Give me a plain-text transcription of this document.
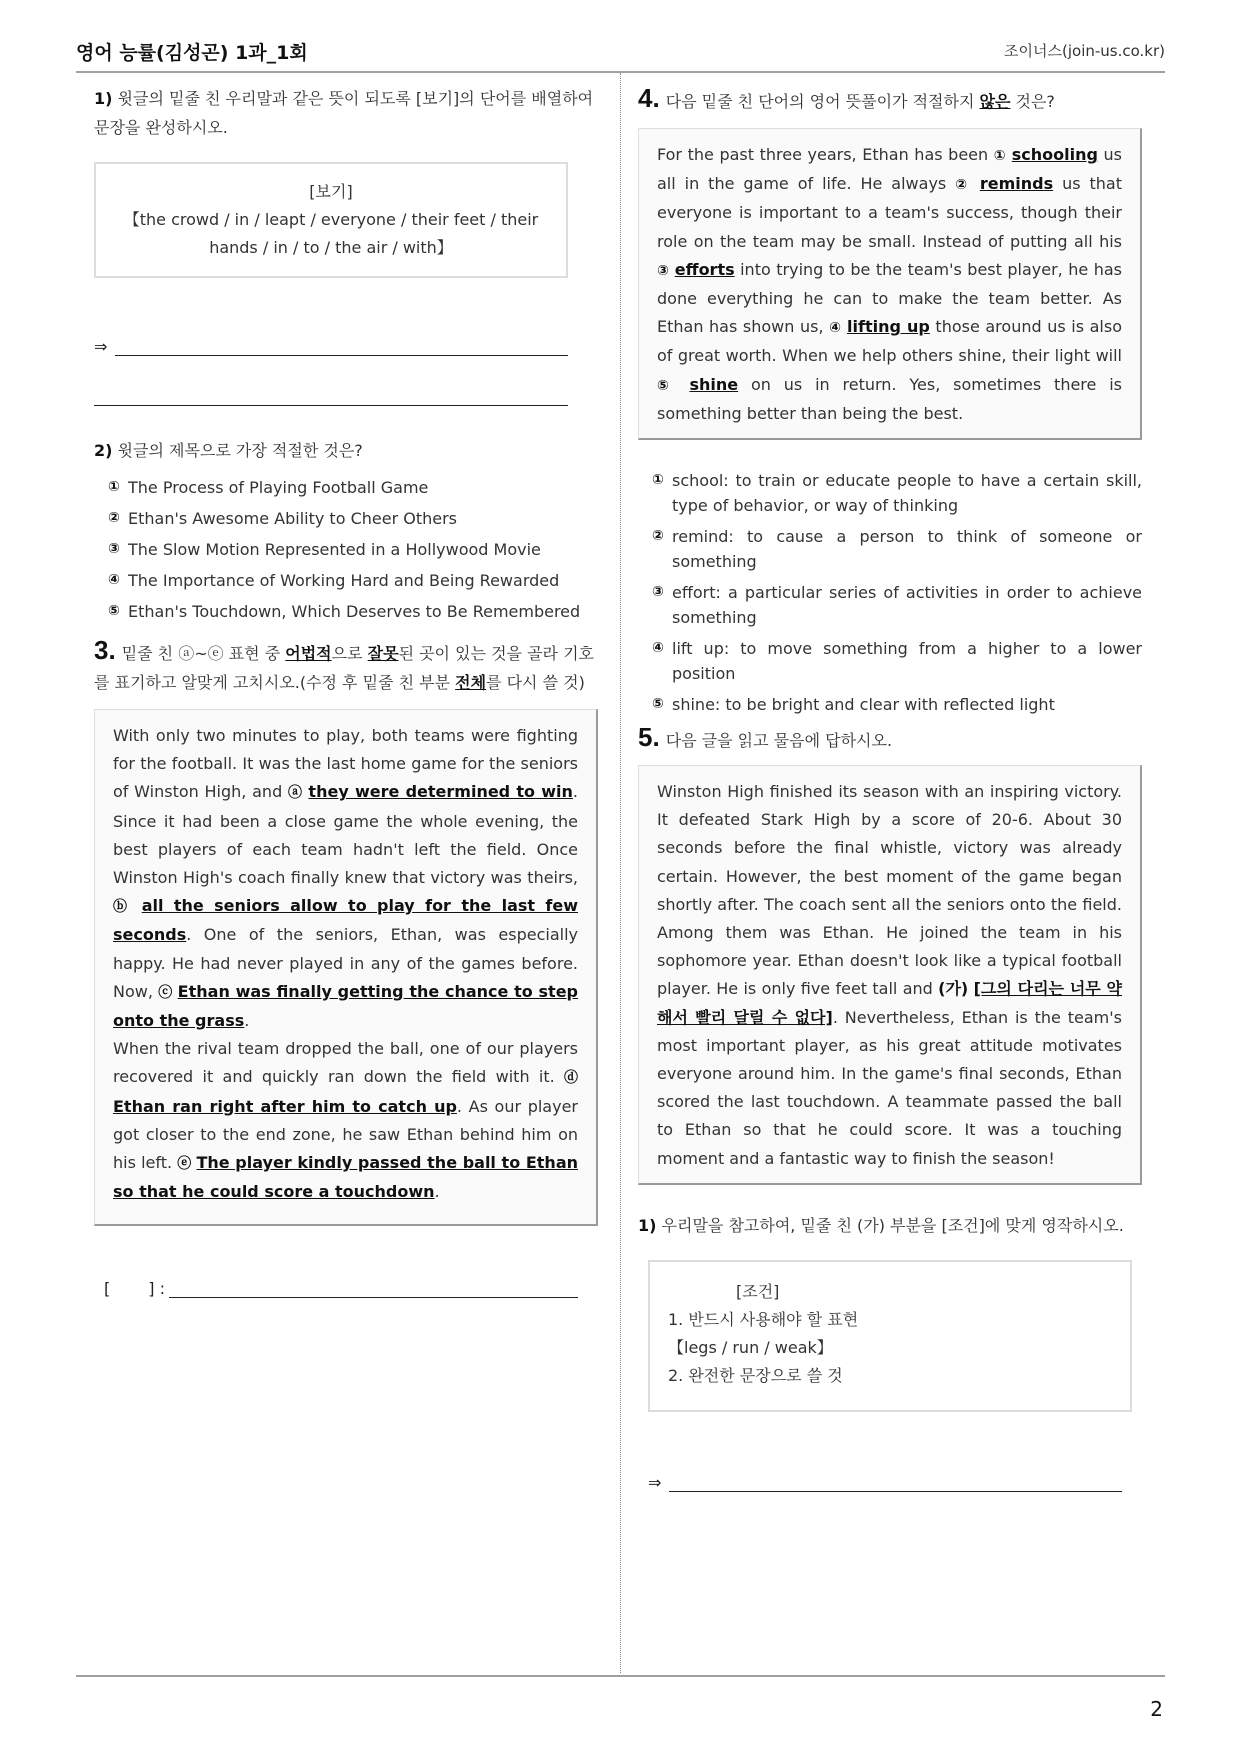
영어 능률(김성곤) 1과_1회	조이너스(join-us.co.kr)

1) 윗글의 밑줄 친 우리말과 같은 뜻이 되도록 [보기]의 단어를 배열하여 문장을 완성하시오.

[보기]
【the crowd / in / leapt / everyone / their feet / their hands / in / to / the air / with】
⇒

2) 윗글의 제목으로 가장 적절한 것은?

① The Process of Playing Football Game
② Ethan's Awesome Ability to Cheer Others
③ The Slow Motion Represented in a Hollywood Movie
④ The Importance of Working Hard and Being Rewarded
⑤ Ethan's Touchdown, Which Deserves to Be Remembered

3. 밑줄 친 ⓐ~ⓔ 표현 중 어법적으로 잘못된 곳이 있는 것을 골라 기호를 표기하고 알맞게 고치시오.(수정 후 밑줄 친 부분 전체를 다시 쓸 것)

With only two minutes to play, both teams were fighting for the football. It was the last home game for the seniors of Winston High, and ⓐ they were determined to win. Since it had been a close game the whole evening, the best players of each team hadn't left the field. Once Winston High's coach finally knew that victory was theirs, ⓑ all the seniors allow to play for the last few seconds. One of the seniors, Ethan, was especially happy. He had never played in any of the games before. Now, ⓒ Ethan was finally getting the chance to step onto the grass.
When the rival team dropped the ball, one of our players recovered it and quickly ran down the field with it. ⓓ Ethan ran right after him to catch up. As our player got closer to the end zone, he saw Ethan behind him on his left. ⓔ The player kindly passed the ball to Ethan so that he could score a touchdown.
[ ] :

4. 다음 밑줄 친 단어의 영어 뜻풀이가 적절하지 않은 것은?

For the past three years, Ethan has been ① schooling us all in the game of life. He always ② reminds us that everyone is important to a team's success, though their role on the team may be small. Instead of putting all his ③ efforts into trying to be the team's best player, he has done everything he can to make the team better. As Ethan has shown us, ④ lifting up those around us is also of great worth. When we help others shine, their light will ⑤ shine on us in return. Yes, sometimes there is something better than being the best.
① school: to train or educate people to have a certain skill, type of behavior, or way of thinking
② remind: to cause a person to think of someone or something
③ effort: a particular series of activities in order to achieve something
④ lift up: to move something from a higher to a lower position
⑤ shine: to be bright and clear with reflected light

5. 다음 글을 읽고 물음에 답하시오.

Winston High finished its season with an inspiring victory. It defeated Stark High by a score of 20-6. About 30 seconds before the final whistle, victory was already certain. However, the best moment of the game began shortly after. The coach sent all the seniors onto the field. Among them was Ethan. He joined the team in his sophomore year. Ethan doesn't look like a typical football player. He is only five feet tall and (가) [그의 다리는 너무 약해서 빨리 달릴 수 없다]. Nevertheless, Ethan is the team's most important player, as his great attitude motivates everyone around him. In the game's final seconds, Ethan scored the last touchdown. A teammate passed the ball to Ethan so that he could score. It was a touching moment and a fantastic way to finish the season!

1) 우리말을 참고하여, 밑줄 친 (가) 부분을 [조건]에 맞게 영작하시오.

[조건]
1. 반드시 사용해야 할 표현
【legs / run / weak】
2. 완전한 문장으로 쓸 것
⇒
2
